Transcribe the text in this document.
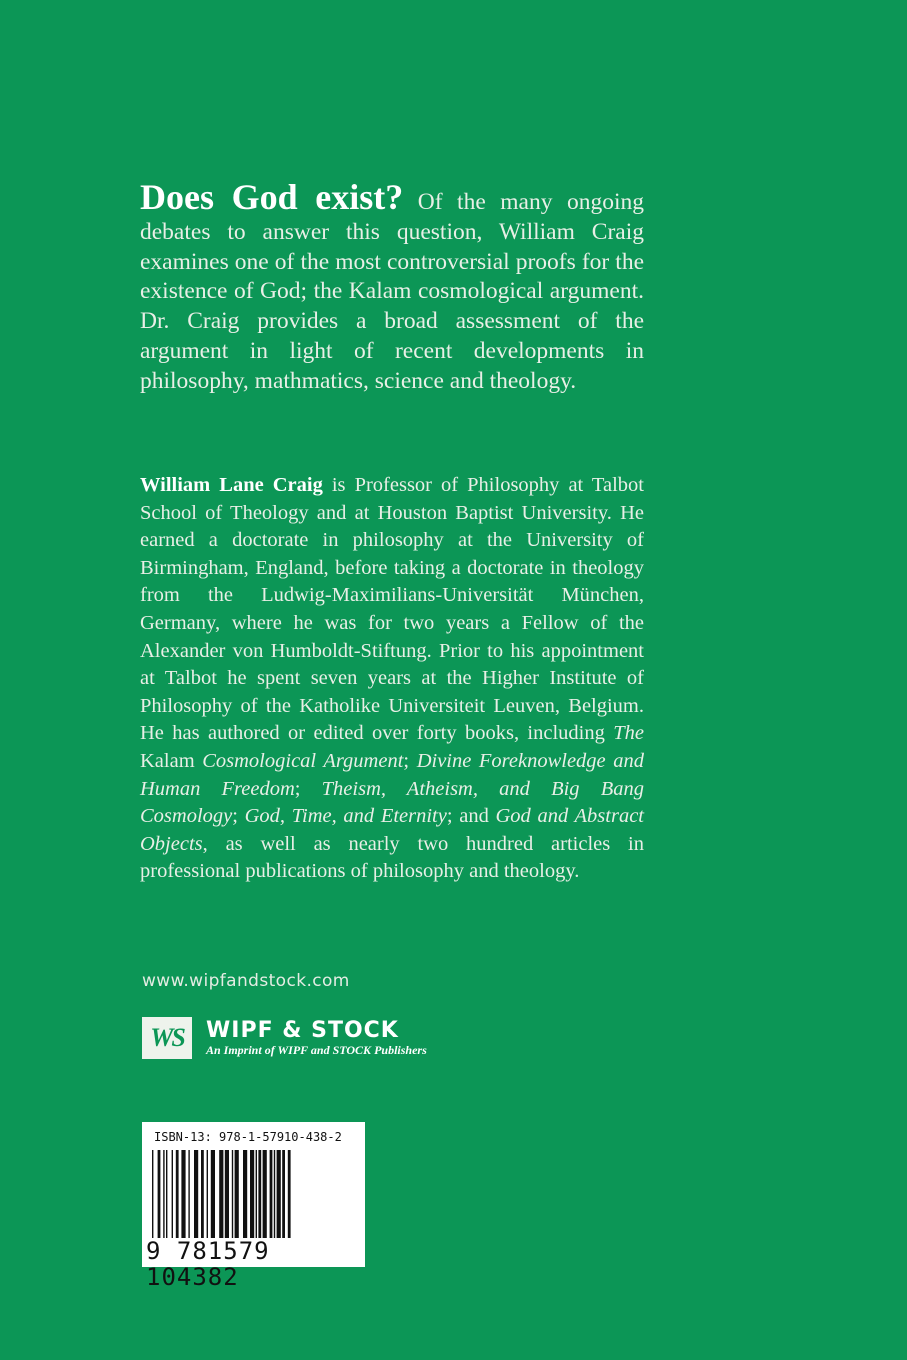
Does God exist? Of the many ongoing debates to answer this question, William Craig examines one of the most controversial proofs for the existence of God; the Kalam cosmological argument. Dr. Craig provides a broad assessment of the argument in light of recent developments in philosophy, mathmatics, science and theology.

William Lane Craig is Professor of Philosophy at Talbot School of Theology and at Houston Baptist University. He earned a doctorate in philosophy at the University of Birmingham, England, before taking a doctorate in theology from the Ludwig-Maximilians-Universität München, Germany, where he was for two years a Fellow of the Alexander von Humboldt-Stiftung. Prior to his appointment at Talbot he spent seven years at the Higher Institute of Philosophy of the Katholike Universiteit Leuven, Belgium. He has authored or edited over forty books, including The Kalam Cosmological Argument; Divine Foreknowledge and Human Freedom; Theism, Atheism, and Big Bang Cosmology; God, Time, and Eternity; and God and Abstract Objects, as well as nearly two hundred articles in professional publications of philosophy and theology.

www.wipfandstock.com
WS	WIPF & STOCK
An Imprint of WIPF and STOCK Publishers
ISBN-13: 978-1-57910-438-2
9 781579 104382
